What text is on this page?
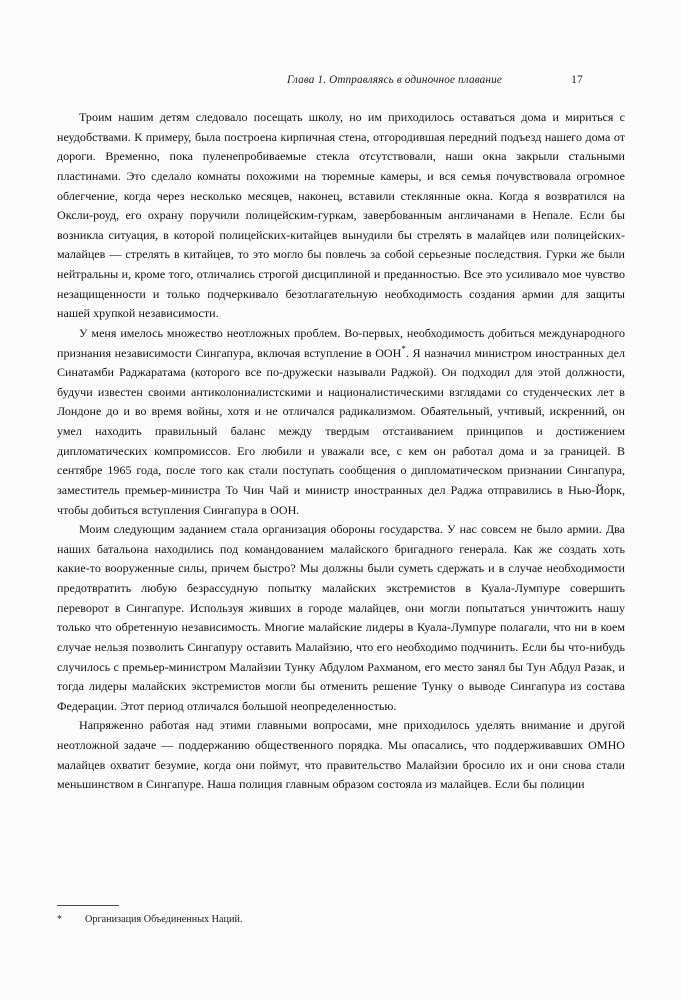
Глава 1. Отправляясь в одиночное плавание	17

Троим нашим детям следовало посещать школу, но им приходилось оставаться дома и мириться с неудобствами. К примеру, была построена кирпичная стена, отгородившая передний подъезд нашего дома от дороги. Временно, пока пуленепробиваемые стекла отсутствовали, наши окна закрыли стальными пластинами. Это сделало комнаты похожими на тюремные камеры, и вся семья почувствовала огромное облегчение, когда через несколько месяцев, наконец, вставили стеклянные окна. Когда я возвратился на Оксли-роуд, его охрану поручили полицейским-гуркам, завербованным англичанами в Непале. Если бы возникла ситуация, в которой полицейских-китайцев вынудили бы стрелять в малайцев или полицейских-малайцев — стрелять в китайцев, то это могло бы повлечь за собой серьезные последствия. Гурки же были нейтральны и, кроме того, отличались строгой дисциплиной и преданностью. Все это усиливало мое чувство незащищенности и только подчеркивало безотлагательную необходимость создания армии для защиты нашей хрупкой независимости.

У меня имелось множество неотложных проблем. Во-первых, необходимость добиться международного признания независимости Сингапура, включая вступление в ООН*. Я назначил министром иностранных дел Синатамби Раджаратама (которого все по-дружески называли Раджой). Он подходил для этой должности, будучи известен своими антиколониалистскими и националистическими взглядами со студенческих лет в Лондоне до и во время войны, хотя и не отличался радикализмом. Обаятельный, учтивый, искренний, он умел находить правильный баланс между твердым отстаиванием принципов и достижением дипломатических компромиссов. Его любили и уважали все, с кем он работал дома и за границей. В сентябре 1965 года, после того как стали поступать сообщения о дипломатическом признании Сингапура, заместитель премьер-министра То Чин Чай и министр иностранных дел Раджа отправились в Нью-Йорк, чтобы добиться вступления Сингапура в ООН.

Моим следующим заданием стала организация обороны государства. У нас совсем не было армии. Два наших батальона находились под командованием малайского бригадного генерала. Как же создать хоть какие-то вооруженные силы, причем быстро? Мы должны были суметь сдержать и в случае необходимости предотвратить любую безрассудную попытку малайских экстремистов в Куала-Лумпуре совершить переворот в Сингапуре. Используя живших в городе малайцев, они могли попытаться уничтожить нашу только что обретенную независимость. Многие малайские лидеры в Куала-Лумпуре полагали, что ни в коем случае нельзя позволить Сингапуру оставить Малайзию, что его необходимо подчинить. Если бы что-нибудь случилось с премьер-министром Малайзии Тунку Абдулом Рахманом, его место занял бы Тун Абдул Разак, и тогда лидеры малайских экстремистов могли бы отменить решение Тунку о выводе Сингапура из состава Федерации. Этот период отличался большой неопределенностью.

Напряженно работая над этими главными вопросами, мне приходилось уделять внимание и другой неотложной задаче — поддержанию общественного порядка. Мы опасались, что поддерживавших ОМНО малайцев охватит безумие, когда они поймут, что правительство Малайзии бросило их и они снова стали меньшинством в Сингапуре. Наша полиция главным образом состояла из малайцев. Если бы полиции

*	Организация Объединенных Наций.
